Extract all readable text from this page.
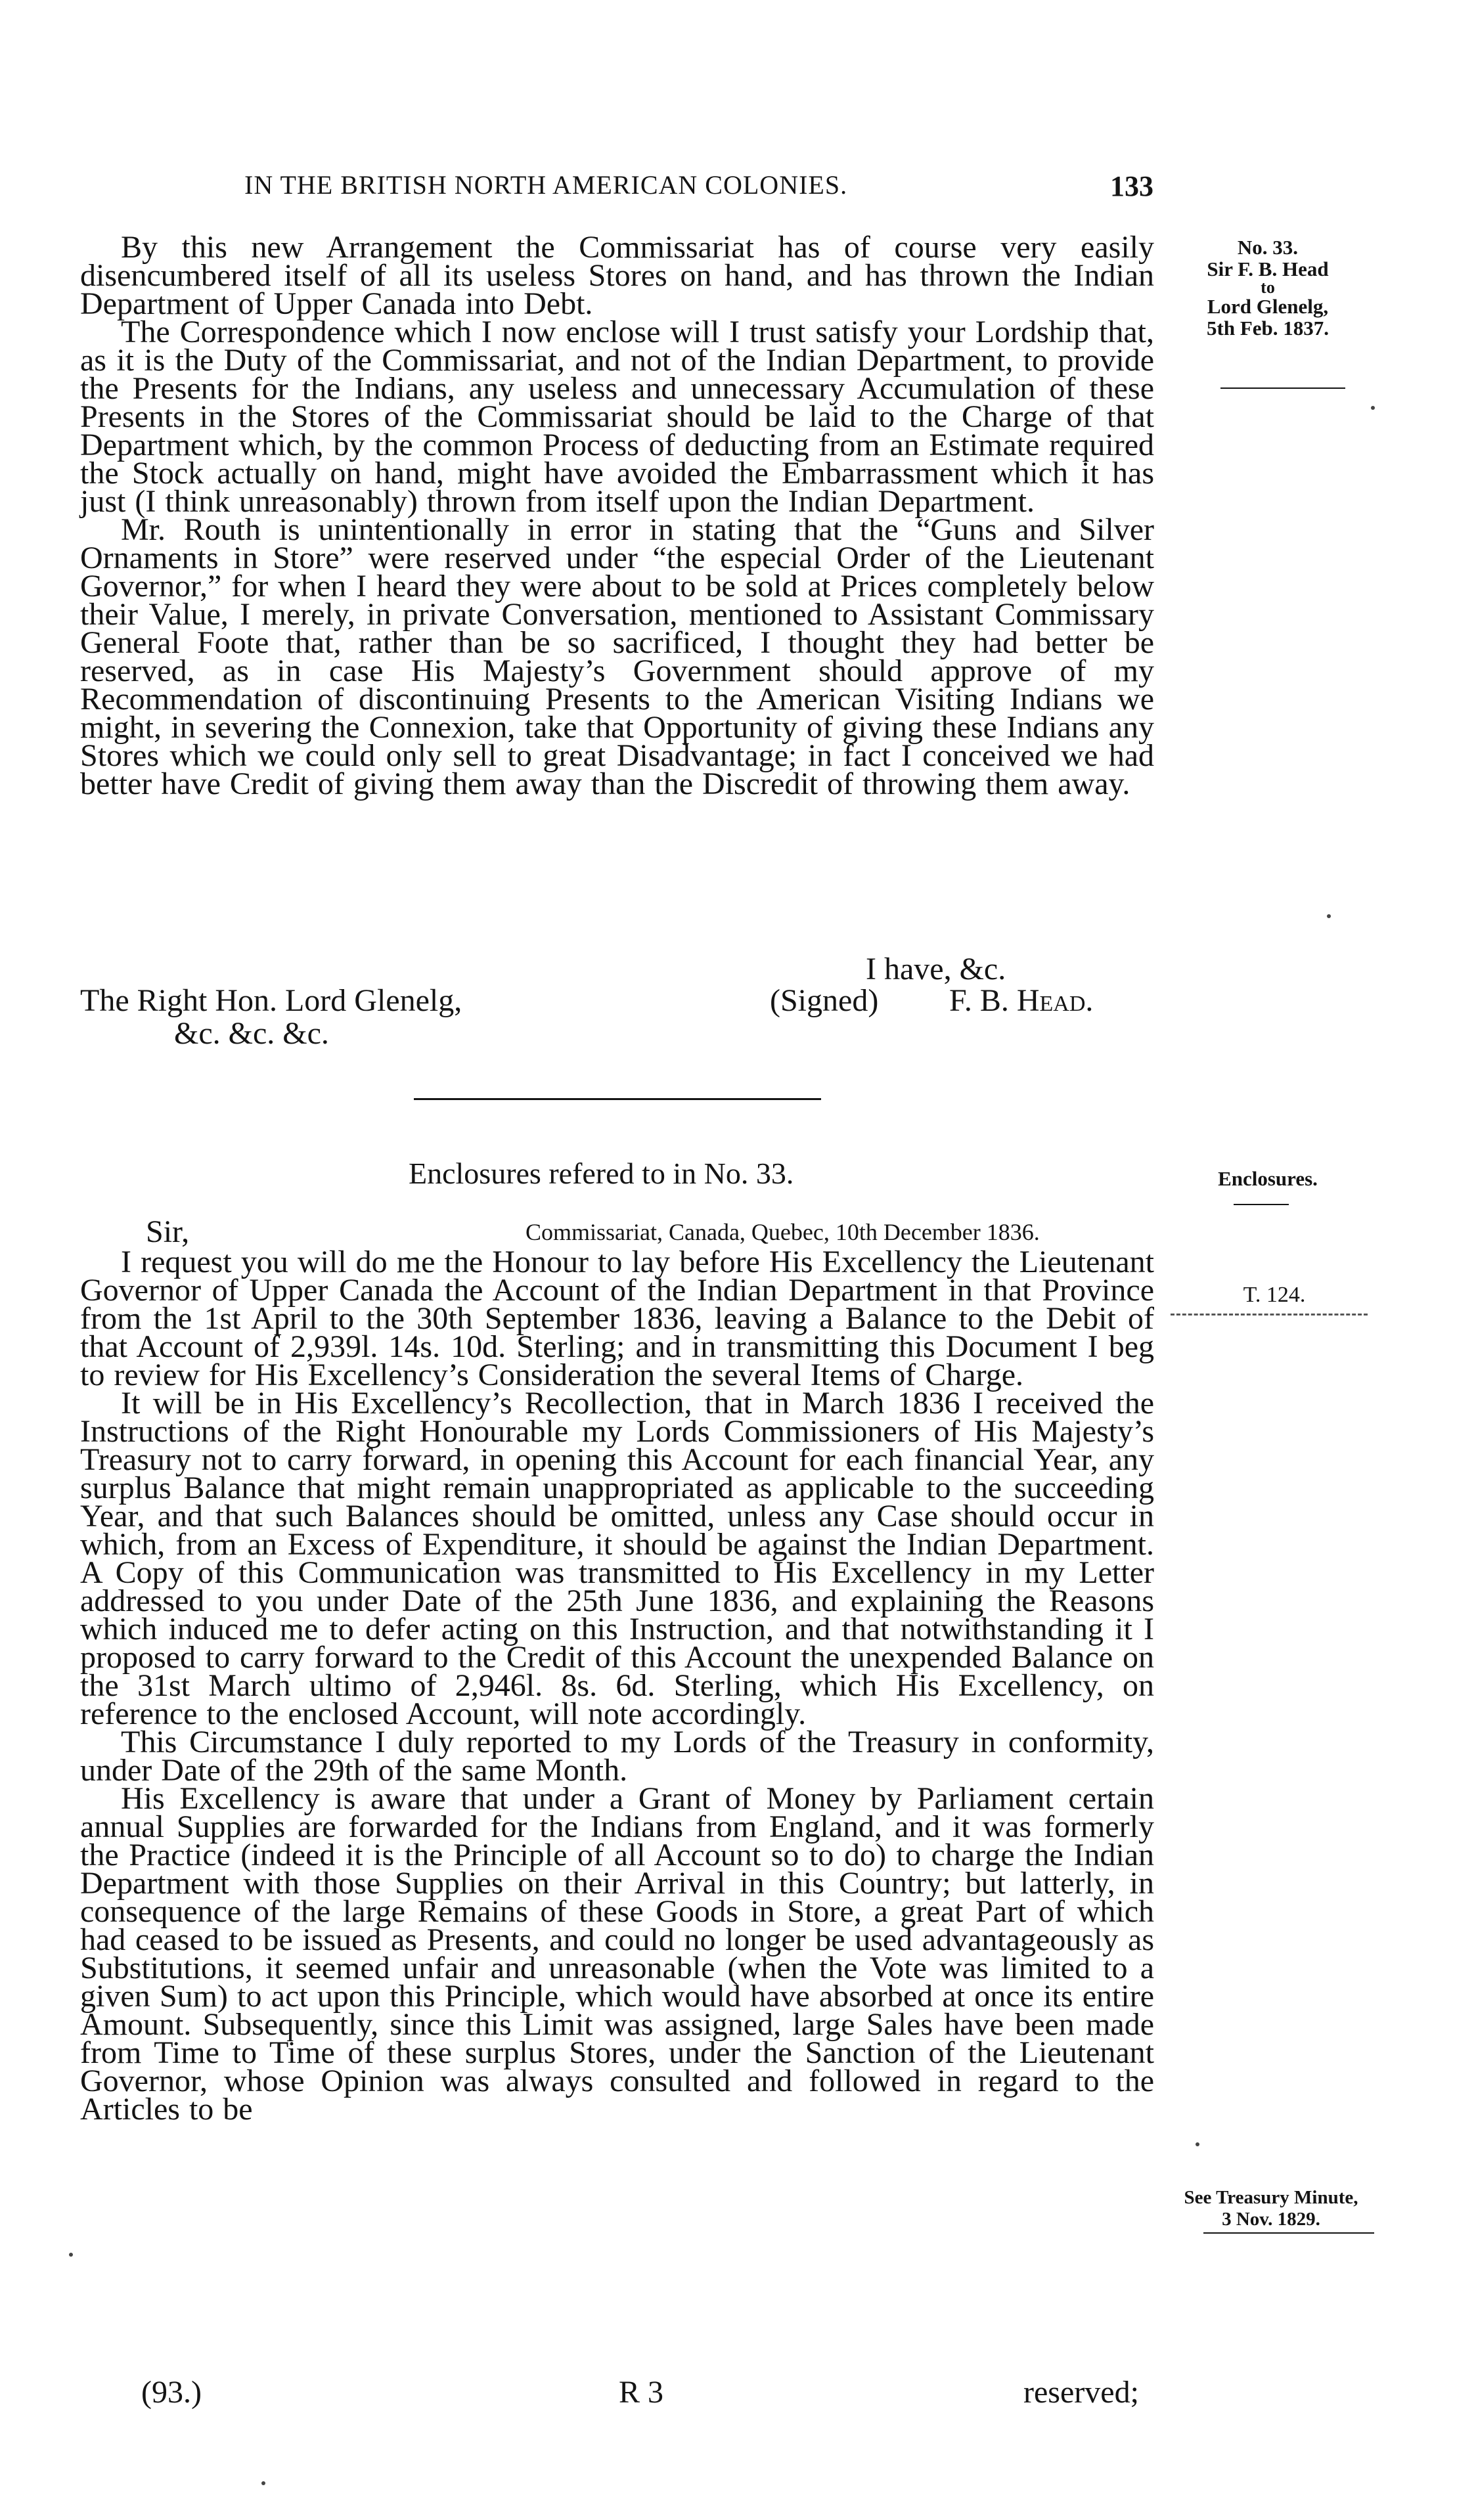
IN THE BRITISH NORTH AMERICAN COLONIES.	133
No. 33.
Sir F. B. Head
to
Lord Glenelg,
5th Feb. 1837.

By this new Arrangement the Commissariat has of course very easily disencumbered itself of all its useless Stores on hand, and has thrown the Indian Department of Upper Canada into Debt.

The Correspondence which I now enclose will I trust satisfy your Lordship that, as it is the Duty of the Commissariat, and not of the Indian Department, to provide the Presents for the Indians, any useless and unnecessary Accumulation of these Presents in the Stores of the Commissariat should be laid to the Charge of that Department which, by the common Process of deducting from an Estimate required the Stock actually on hand, might have avoided the Embarrassment which it has just (I think unreasonably) thrown from itself upon the Indian Department.

Mr. Routh is unintentionally in error in stating that the “Guns and Silver Ornaments in Store” were reserved under “the especial Order of the Lieutenant Governor,” for when I heard they were about to be sold at Prices completely below their Value, I merely, in private Conversation, mentioned to Assistant Commissary General Foote that, rather than be so sacrificed, I thought they had better be reserved, as in case His Majesty’s Government should approve of my Recommendation of discontinuing Presents to the American Visiting Indians we might, in severing the Connexion, take that Opportunity of giving these Indians any Stores which we could only sell to great Disadvantage; in fact I conceived we had better have Credit of giving them away than the Discredit of throwing them away.

I have, &c.
The Right Hon. Lord Glenelg,	(Signed) F. B. Head.
&c. &c. &c.
Enclosures refered to in No. 33.	Enclosures.
Sir,	Commissariat, Canada, Quebec, 10th December 1836.
T. 124.

I request you will do me the Honour to lay before His Excellency the Lieutenant Governor of Upper Canada the Account of the Indian Department in that Province from the 1st April to the 30th September 1836, leaving a Balance to the Debit of that Account of 2,939l. 14s. 10d. Sterling; and in transmitting this Document I beg to review for His Excellency’s Consideration the several Items of Charge.

It will be in His Excellency’s Recollection, that in March 1836 I received the Instructions of the Right Honourable my Lords Commissioners of His Majesty’s Treasury not to carry forward, in opening this Account for each financial Year, any surplus Balance that might remain unappropriated as applicable to the succeeding Year, and that such Balances should be omitted, unless any Case should occur in which, from an Excess of Expenditure, it should be against the Indian Department. A Copy of this Communication was transmitted to His Excellency in my Letter addressed to you under Date of the 25th June 1836, and explaining the Reasons which induced me to defer acting on this Instruction, and that notwithstanding it I proposed to carry forward to the Credit of this Account the unexpended Balance on the 31st March ultimo of 2,946l. 8s. 6d. Sterling, which His Excellency, on reference to the enclosed Account, will note accordingly.

This Circumstance I duly reported to my Lords of the Treasury in conformity, under Date of the 29th of the same Month.

His Excellency is aware that under a Grant of Money by Parliament certain annual Supplies are forwarded for the Indians from England, and it was formerly the Practice (indeed it is the Principle of all Account so to do) to charge the Indian Department with those Supplies on their Arrival in this Country; but latterly, in consequence of the large Remains of these Goods in Store, a great Part of which had ceased to be issued as Presents, and could no longer be used advantageously as Substitutions, it seemed unfair and unreasonable (when the Vote was limited to a given Sum) to act upon this Principle, which would have absorbed at once its entire Amount. Subsequently, since this Limit was assigned, large Sales have been made from Time to Time of these surplus Stores, under the Sanction of the Lieutenant Governor, whose Opinion was always consulted and followed in regard to the Articles to be

See Treasury Minute,
3 Nov. 1829.
(93.)	R 3	reserved;
